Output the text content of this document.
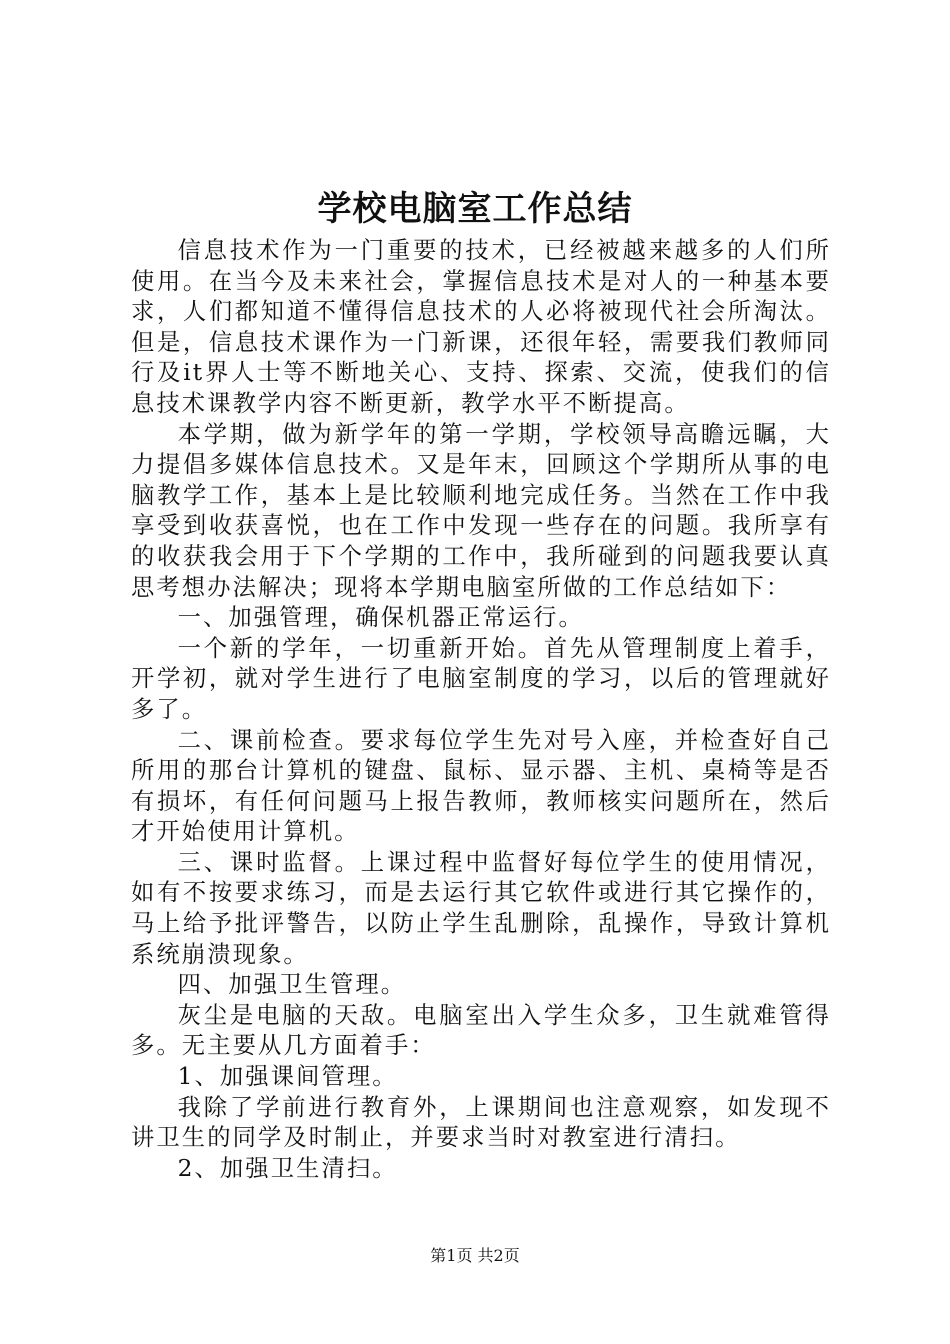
学校电脑室工作总结

信息技术作为一门重要的技术，已经被越来越多的人们所使用。在当今及未来社会，掌握信息技术是对人的一种基本要求，人们都知道不懂得信息技术的人必将被现代社会所淘汰。但是，信息技术课作为一门新课，还很年轻，需要我们教师同行及it界人士等不断地关心、支持、探索、交流，使我们的信息技术课教学内容不断更新，教学水平不断提高。

本学期，做为新学年的第一学期，学校领导高瞻远瞩，大力提倡多媒体信息技术。又是年末，回顾这个学期所从事的电脑教学工作，基本上是比较顺利地完成任务。当然在工作中我享受到收获喜悦，也在工作中发现一些存在的问题。我所享有的收获我会用于下个学期的工作中，我所碰到的问题我要认真思考想办法解决；现将本学期电脑室所做的工作总结如下：

一、加强管理，确保机器正常运行。

一个新的学年，一切重新开始。首先从管理制度上着手，开学初，就对学生进行了电脑室制度的学习，以后的管理就好多了。

二、课前检查。要求每位学生先对号入座，并检查好自己所用的那台计算机的键盘、鼠标、显示器、主机、桌椅等是否有损坏，有任何问题马上报告教师，教师核实问题所在，然后才开始使用计算机。

三、课时监督。上课过程中监督好每位学生的使用情况，如有不按要求练习，而是去运行其它软件或进行其它操作的，马上给予批评警告，以防止学生乱删除，乱操作，导致计算机系统崩溃现象。

四、加强卫生管理。

灰尘是电脑的天敌。电脑室出入学生众多，卫生就难管得多。无主要从几方面着手：

1、加强课间管理。

我除了学前进行教育外，上课期间也注意观察，如发现不讲卫生的同学及时制止，并要求当时对教室进行清扫。

2、加强卫生清扫。

第1页 共2页
